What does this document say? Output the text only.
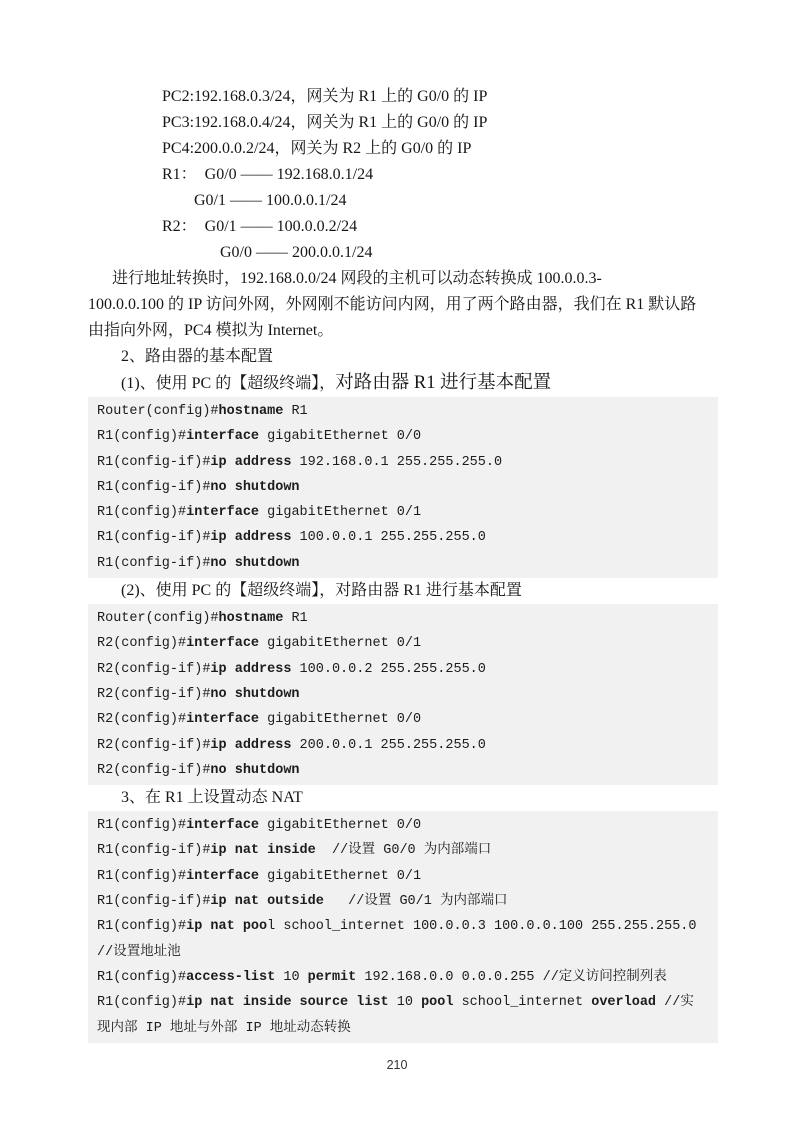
PC2:192.168.0.3/24，网关为 R1 上的 G0/0 的 IP
PC3:192.168.0.4/24，网关为 R1 上的 G0/0 的 IP
PC4:200.0.0.2/24，网关为 R2 上的 G0/0 的 IP
R1：  G0/0 —— 192.168.0.1/24
G0/1 —— 100.0.0.1/24
R2：  G0/1 —— 100.0.0.2/24
G0/0 —— 200.0.0.1/24
进行地址转换时，192.168.0.0/24 网段的主机可以动态转换成 100.0.0.3-
100.0.0.100 的 IP 访问外网，外网刚不能访问内网，用了两个路由器，我们在 R1 默认路
由指向外网，PC4 模拟为 Internet。
2、路由器的基本配置
(1)、使用 PC 的【超级终端】，对路由器 R1 进行基本配置
Router(config)#hostname R1
R1(config)#interface gigabitEthernet 0/0
R1(config-if)#ip address 192.168.0.1 255.255.255.0
R1(config-if)#no shutdown
R1(config)#interface gigabitEthernet 0/1
R1(config-if)#ip address 100.0.0.1 255.255.255.0
R1(config-if)#no shutdown
(2)、使用 PC 的【超级终端】，对路由器 R1 进行基本配置
Router(config)#hostname R1
R2(config)#interface gigabitEthernet 0/1
R2(config-if)#ip address 100.0.0.2 255.255.255.0
R2(config-if)#no shutdown
R2(config)#interface gigabitEthernet 0/0
R2(config-if)#ip address 200.0.0.1 255.255.255.0
R2(config-if)#no shutdown
3、在 R1 上设置动态 NAT
R1(config)#interface gigabitEthernet 0/0
R1(config-if)#ip nat inside  //设置 G0/0 为内部端口
R1(config)#interface gigabitEthernet 0/1
R1(config-if)#ip nat outside   //设置 G0/1 为内部端口
R1(config)#ip nat pool school_internet 100.0.0.3 100.0.0.100 255.255.255.0
//设置地址池
R1(config)#access-list 10 permit 192.168.0.0 0.0.0.255 //定义访问控制列表
R1(config)#ip nat inside source list 10 pool school_internet overload //实
现内部 IP 地址与外部 IP 地址动态转换
210
